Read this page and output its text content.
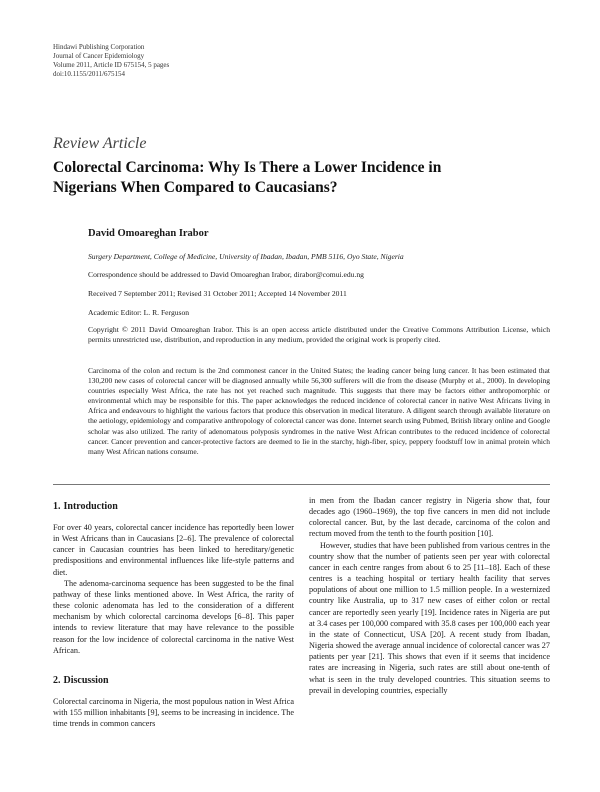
Hindawi Publishing Corporation
Journal of Cancer Epidemiology
Volume 2011, Article ID 675154, 5 pages
doi:10.1155/2011/675154
Review Article
Colorectal Carcinoma: Why Is There a Lower Incidence in
Nigerians When Compared to Caucasians?
David Omoareghan Irabor
Surgery Department, College of Medicine, University of Ibadan, Ibadan, PMB 5116, Oyo State, Nigeria
Correspondence should be addressed to David Omoareghan Irabor, dirabor@comui.edu.ng
Received 7 September 2011; Revised 31 October 2011; Accepted 14 November 2011
Academic Editor: L. R. Ferguson
Copyright © 2011 David Omoareghan Irabor. This is an open access article distributed under the Creative Commons Attribution License, which permits unrestricted use, distribution, and reproduction in any medium, provided the original work is properly cited.
Carcinoma of the colon and rectum is the 2nd commonest cancer in the United States; the leading cancer being lung cancer. It has been estimated that 130,200 new cases of colorectal cancer will be diagnosed annually while 56,300 sufferers will die from the disease (Murphy et al., 2000). In developing countries especially West Africa, the rate has not yet reached such magnitude. This suggests that there may be factors either anthropomorphic or environmental which may be responsible for this. The paper acknowledges the reduced incidence of colorectal cancer in native West Africans living in Africa and endeavours to highlight the various factors that produce this observation in medical literature. A diligent search through available literature on the aetiology, epidemiology and comparative anthropology of colorectal cancer was done. Internet search using Pubmed, British library online and Google scholar was also utilized. The rarity of adenomatous polyposis syndromes in the native West African contributes to the reduced incidence of colorectal cancer. Cancer prevention and cancer-protective factors are deemed to lie in the starchy, high-fiber, spicy, peppery foodstuff low in animal protein which many West African nations consume.
1. Introduction

For over 40 years, colorectal cancer incidence has reportedly been lower in West Africans than in Caucasians [2–6]. The prevalence of colorectal cancer in Caucasian countries has been linked to hereditary/genetic predispositions and environmental influences like life-style patterns and diet.

The adenoma-carcinoma sequence has been suggested to be the final pathway of these links mentioned above. In West Africa, the rarity of these colonic adenomata has led to the consideration of a different mechanism by which colorectal carcinoma develops [6–8]. This paper intends to review literature that may have relevance to the possible reason for the low incidence of colorectal carcinoma in the native West African.

2. Discussion

Colorectal carcinoma in Nigeria, the most populous nation in West Africa with 155 million inhabitants [9], seems to be increasing in incidence. The time trends in common cancers

in men from the Ibadan cancer registry in Nigeria show that, four decades ago (1960–1969), the top five cancers in men did not include colorectal cancer. But, by the last decade, carcinoma of the colon and rectum moved from the tenth to the fourth position [10].

However, studies that have been published from various centres in the country show that the number of patients seen per year with colorectal cancer in each centre ranges from about 6 to 25 [11–18]. Each of these centres is a teaching hospital or tertiary health facility that serves populations of about one million to 1.5 million people. In a westernized country like Australia, up to 317 new cases of either colon or rectal cancer are reportedly seen yearly [19]. Incidence rates in Nigeria are put at 3.4 cases per 100,000 compared with 35.8 cases per 100,000 each year in the state of Connecticut, USA [20]. A recent study from Ibadan, Nigeria showed the average annual incidence of colorectal cancer was 27 patients per year [21]. This shows that even if it seems that incidence rates are increasing in Nigeria, such rates are still about one-tenth of what is seen in the truly developed countries. This situation seems to prevail in developing countries, especially
